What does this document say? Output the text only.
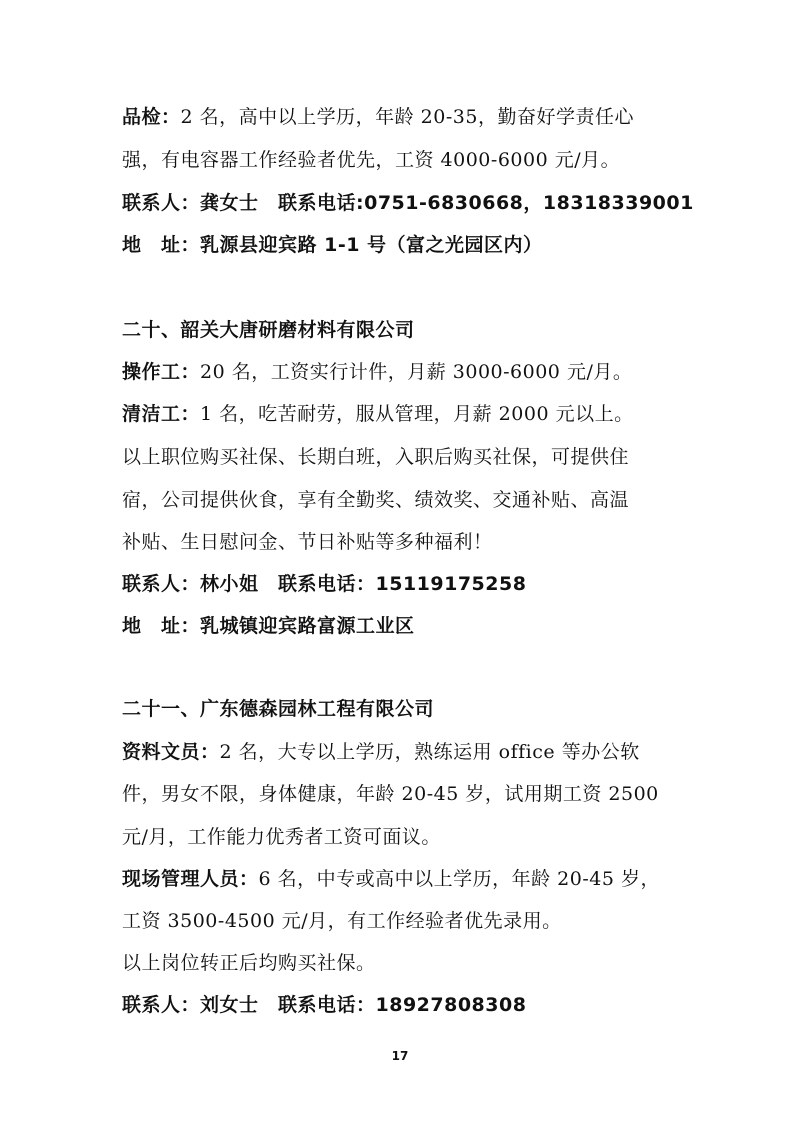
品检：2 名，高中以上学历，年龄 20-35，勤奋好学责任心
强，有电容器工作经验者优先，工资 4000-6000 元/月。
联系人：龚女士　联系电话:0751-6830668，18318339001
地　址：乳源县迎宾路 1-1 号（富之光园区内）
二十、韶关大唐研磨材料有限公司
操作工：20 名，工资实行计件，月薪 3000-6000 元/月。
清洁工：1 名，吃苦耐劳，服从管理，月薪 2000 元以上。
以上职位购买社保、长期白班，入职后购买社保，可提供住
宿，公司提供伙食，享有全勤奖、绩效奖、交通补贴、高温
补贴、生日慰问金、节日补贴等多种福利！
联系人：林小姐　联系电话：15119175258
地　址：乳城镇迎宾路富源工业区
二十一、广东德森园林工程有限公司
资料文员：2 名，大专以上学历，熟练运用 office 等办公软
件，男女不限，身体健康，年龄 20-45 岁，试用期工资 2500
元/月，工作能力优秀者工资可面议。
现场管理人员：6 名，中专或高中以上学历，年龄 20-45 岁，
工资 3500-4500 元/月，有工作经验者优先录用。
以上岗位转正后均购买社保。
联系人：刘女士　联系电话：18927808308
17
